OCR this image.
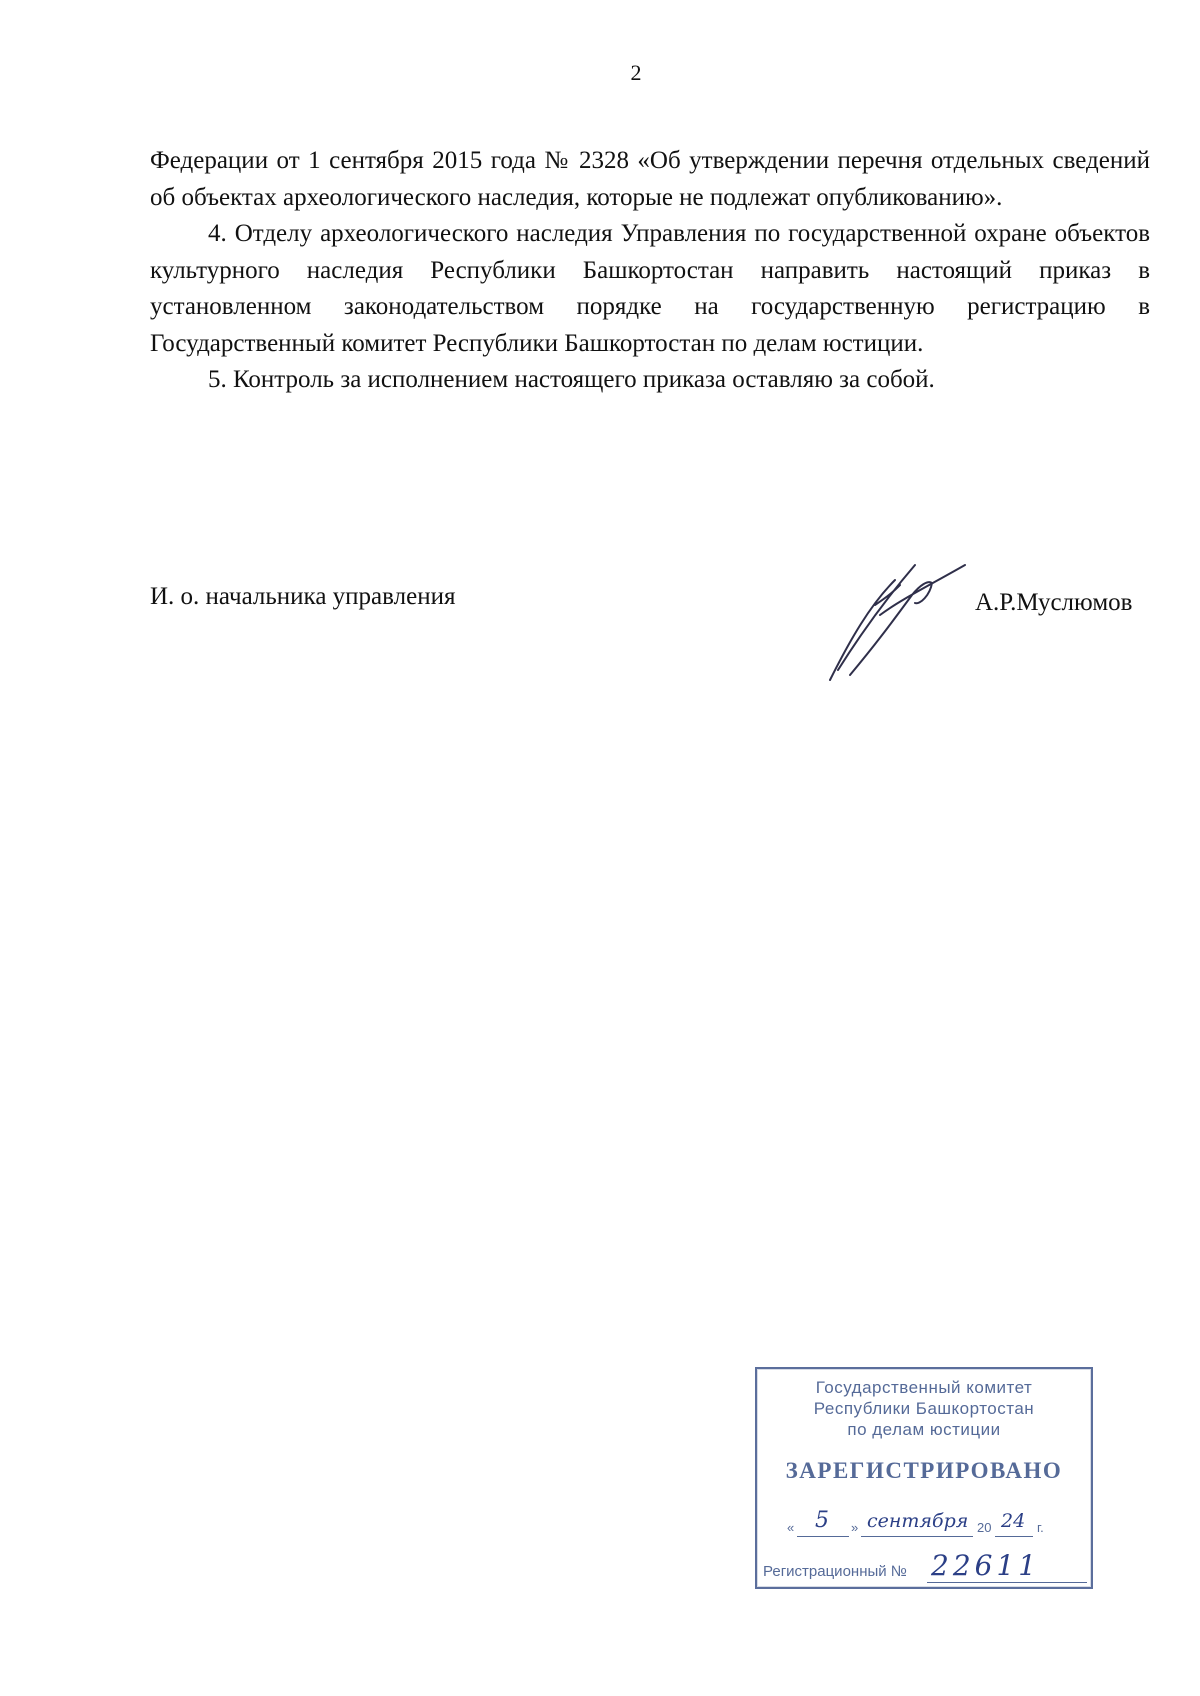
2

Федерации от 1 сентября 2015 года № 2328 «Об утверждении перечня отдельных сведений об объектах археологического наследия, которые не подлежат опубликованию».

4. Отделу археологического наследия Управления по государственной охране объектов культурного наследия Республики Башкортостан направить настоящий приказ в установленном законодательством порядке на государственную регистрацию в Государственный комитет Республики Башкортостан по делам юстиции.

5. Контроль за исполнением настоящего приказа оставляю за собой.

И. о. начальника управления	А.Р.Муслюмов
Государственный комитет
Республики Башкортостан
по делам юстиции
ЗАРЕГИСТРИРОВАНО
« 5 » сентября 20 24 г.
Регистрационный № 22611
